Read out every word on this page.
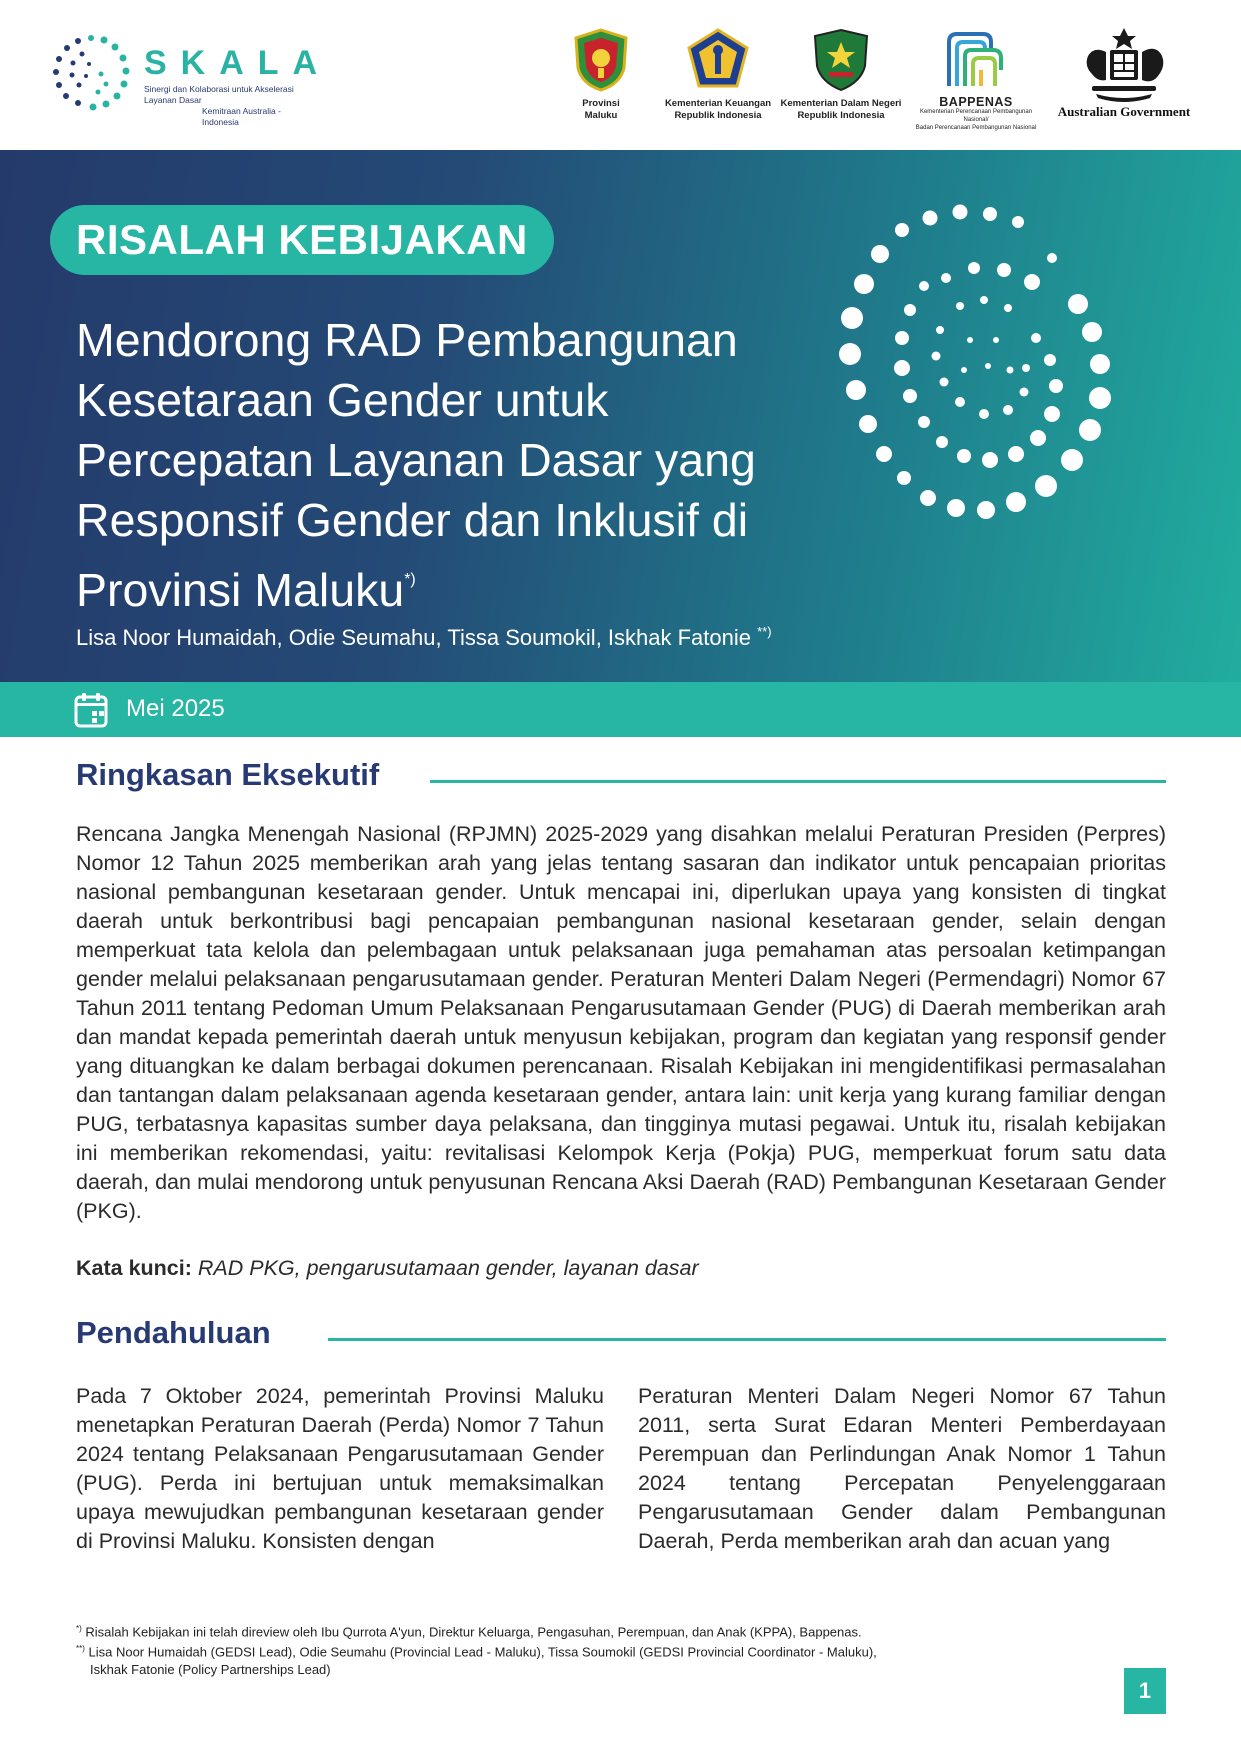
SKALA
Sinergi dan Kolaborasi untuk Akselerasi Layanan Dasar
Kemitraan Australia - Indonesia
Provinsi
Maluku
Kementerian Keuangan
Republik Indonesia
Kementerian Dalam Negeri
Republik Indonesia
BAPPENAS
Kementerian Perencanaan Pembangunan Nasional/
Badan Perencanaan Pembangunan Nasional
Australian Government
RISALAH KEBIJAKAN
Mendorong RAD Pembangunan
Kesetaraan Gender untuk
Percepatan Layanan Dasar yang
Responsif Gender dan Inklusif di
Provinsi Maluku*)
Lisa Noor Humaidah, Odie Seumahu, Tissa Soumokil, Iskhak Fatonie **)
Mei 2025
Ringkasan Eksekutif

Rencana Jangka Menengah Nasional (RPJMN) 2025-2029 yang disahkan melalui Peraturan Presiden (Perpres) Nomor 12 Tahun 2025 memberikan arah yang jelas tentang sasaran dan indikator untuk pencapaian prioritas nasional pembangunan kesetaraan gender. Untuk mencapai ini, diperlukan upaya yang konsisten di tingkat daerah untuk berkontribusi bagi pencapaian pembangunan nasional kesetaraan gender, selain dengan memperkuat tata kelola dan pelembagaan untuk pelaksanaan juga pemahaman atas persoalan ketimpangan gender melalui pelaksanaan pengarusutamaan gender. Peraturan Menteri Dalam Negeri (Permendagri) Nomor 67 Tahun 2011 tentang Pedoman Umum Pelaksanaan Pengarusutamaan Gender (PUG) di Daerah memberikan arah dan mandat kepada pemerintah daerah untuk menyusun kebijakan, program dan kegiatan yang responsif gender yang dituangkan ke dalam berbagai dokumen perencanaan. Risalah Kebijakan ini mengidentifikasi permasalahan dan tantangan dalam pelaksanaan agenda kesetaraan gender, antara lain: unit kerja yang kurang familiar dengan PUG, terbatasnya kapasitas sumber daya pelaksana, dan tingginya mutasi pegawai. Untuk itu, risalah kebijakan ini memberikan rekomendasi, yaitu: revitalisasi Kelompok Kerja (Pokja) PUG, memperkuat forum satu data daerah, dan mulai mendorong untuk penyusunan Rencana Aksi Daerah (RAD) Pembangunan Kesetaraan Gender (PKG).

Kata kunci: RAD PKG, pengarusutamaan gender, layanan dasar
Pendahuluan

Pada 7 Oktober 2024, pemerintah Provinsi Maluku menetapkan Peraturan Daerah (Perda) Nomor 7 Tahun 2024 tentang Pelaksanaan Pengarusutamaan Gender (PUG). Perda ini bertujuan untuk memaksimalkan upaya mewujudkan pembangunan kesetaraan gender di Provinsi Maluku. Konsisten dengan

Peraturan Menteri Dalam Negeri Nomor 67 Tahun 2011, serta Surat Edaran Menteri Pemberdayaan Perempuan dan Perlindungan Anak Nomor 1 Tahun 2024 tentang Percepatan Penyelenggaraan Pengarusutamaan Gender dalam Pembangunan Daerah, Perda memberikan arah dan acuan yang

*) Risalah Kebijakan ini telah direview oleh Ibu Qurrota A'yun, Direktur Keluarga, Pengasuhan, Perempuan, dan Anak (KPPA), Bappenas.

**) Lisa Noor Humaidah (GEDSI Lead), Odie Seumahu (Provincial Lead - Maluku), Tissa Soumokil (GEDSI Provincial Coordinator - Maluku),

Iskhak Fatonie (Policy Partnerships Lead)

1
